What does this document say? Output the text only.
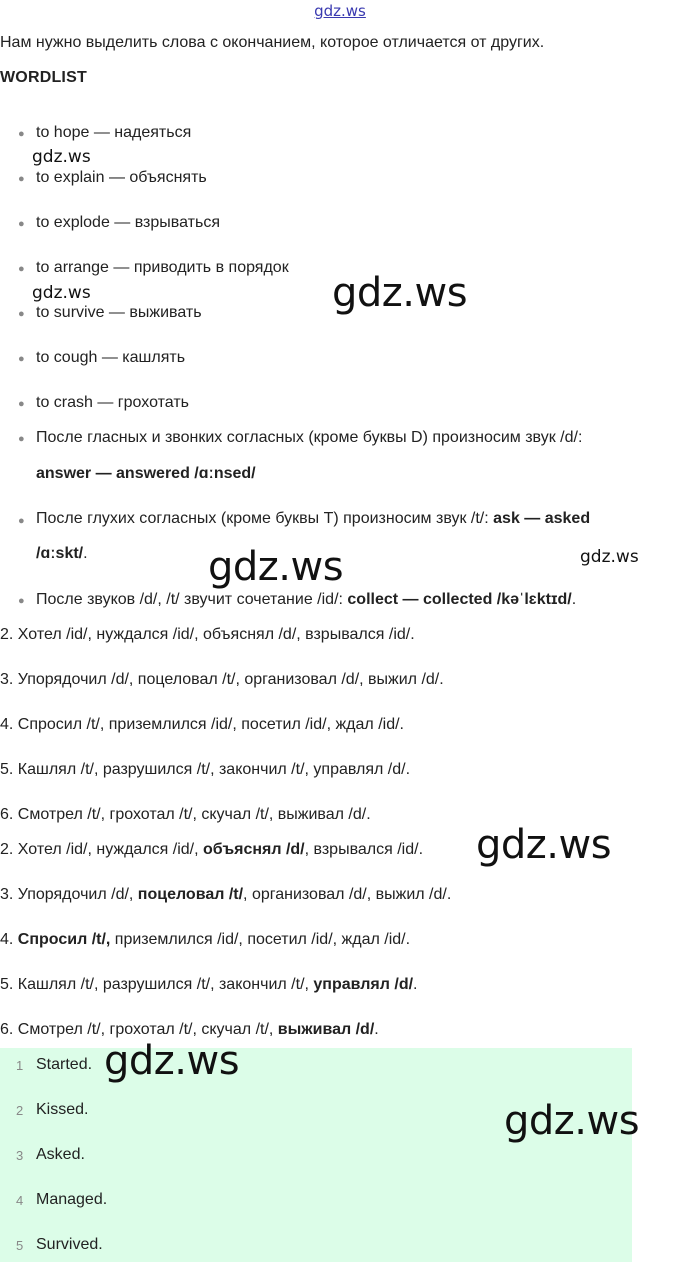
gdz.ws
Нам нужно выделить слова с окончанием, которое отличается от других.
WORDLIST
● to hope — надеяться
● to explain — объяснять
● to explode — взрываться
● to arrange — приводить в порядок
● to survive — выживать
● to cough — кашлять
● to crash — грохотать
● После гласных и звонких согласных (кроме буквы D) произносим звук /d/:
answer — answered /ɑːnsed/
● После глухих согласных (кроме буквы T) произносим звук /t/: ask — asked
/ɑːskt/.
● После звуков /d/, /t/ звучит сочетание /id/: collect — collected /kəˈlɛktɪd/.
2. Хотел /id/, нуждался /id/, объяснял /d/, взрывался /id/.
3. Упорядочил /d/, поцеловал /t/, организовал /d/, выжил /d/.
4. Спросил /t/, приземлился /id/, посетил /id/, ждал /id/.
5. Кашлял /t/, разрушился /t/, закончил /t/, управлял /d/.
6. Смотрел /t/, грохотал /t/, скучал /t/, выживал /d/.
2. Хотел /id/, нуждался /id/, объяснял /d/, взрывался /id/.
3. Упорядочил /d/, поцеловал /t/, организовал /d/, выжил /d/.
4. Спросил /t/, приземлился /id/, посетил /id/, ждал /id/.
5. Кашлял /t/, разрушился /t/, закончил /t/, управлял /d/.
6. Смотрел /t/, грохотал /t/, скучал /t/, выживал /d/.
1 Started.
2 Kissed.
3 Asked.
4 Managed.
5 Survived.
gdz.ws
gdz.ws	gdz.ws
gdz.ws	gdz.ws
gdz.ws
gdz.ws
gdz.ws
